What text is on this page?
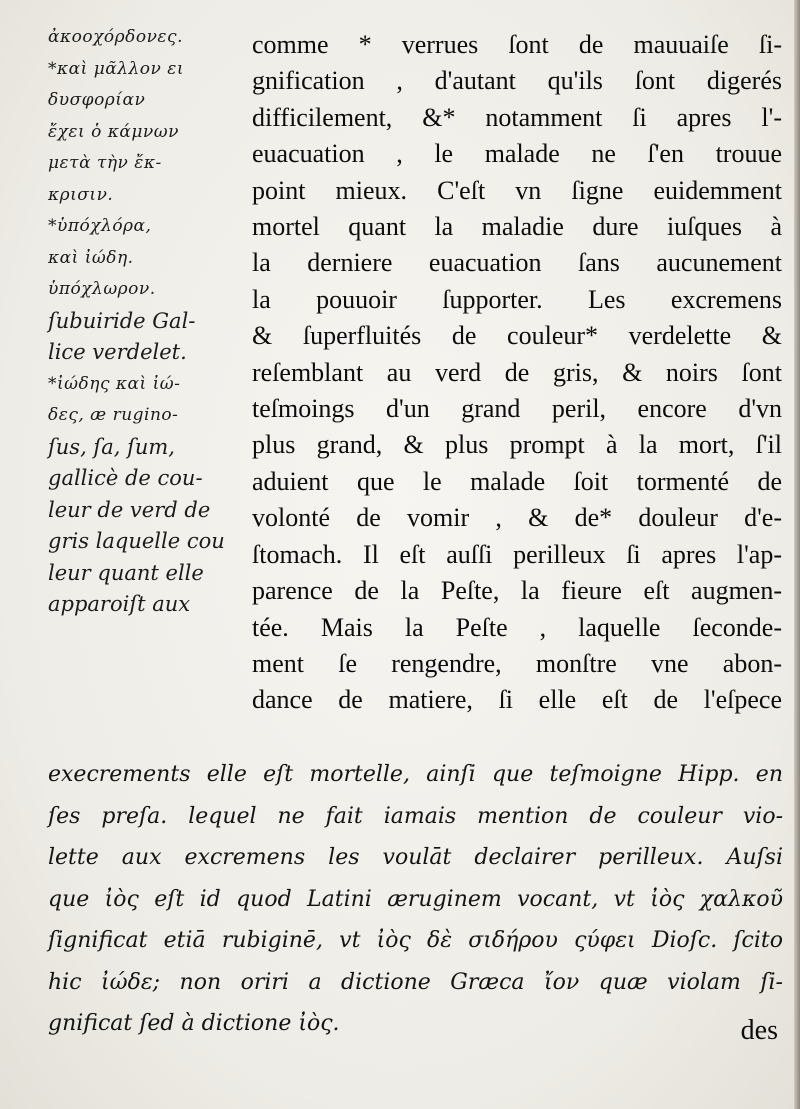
ἀκοοχόρδονες.
*καὶ μᾶλλον ει
δυσφορίαν
ἔχει ὁ κάμνων
μετὰ τὴν ἔκ-
κρισιν.
*ὑπόχλόρα,
καὶ ἰώδη.
ὑπόχλωρον.
ſubuiride Gal-
lice verdelet.
*ἰώδης καὶ ἰώ-
δες, æ rugino-
ſus, ſa, ſum,
gallicè de cou-
leur de verd de
gris laquelle cou
leur quant elle
apparoiſt aux
comme * verrues ſont de mauuaiſe ſi-
gnification , d'autant qu'ils ſont digerés
difficilement, &* notamment ſi apres l'-
euacuation , le malade ne ſ'en trouue
point mieux. C'eſt vn ſigne euidemment
mortel quant la maladie dure iuſques à
la derniere euacuation ſans aucunement
la pouuoir ſupporter. Les excremens
& ſuperfluités de couleur* verdelette &
reſemblant au verd de gris, & noirs ſont
teſmoings d'un grand peril, encore d'vn
plus grand, & plus prompt à la mort, ſ'il
aduient que le malade ſoit tormenté de
volonté de vomir , & de* douleur d'e-
ſtomach. Il eſt auſſi perilleux ſi apres l'ap-
parence de la Peſte, la fieure eſt augmen-
tée. Mais la Peſte , laquelle ſeconde-
ment ſe rengendre, monſtre vne abon-
dance de matiere, ſi elle eſt de l'eſpece
execrements elle eſt mortelle, ainſi que teſmoigne Hipp. en
ſes preſa. lequel ne fait iamais mention de couleur vio-
lette aux excremens les voulāt declairer perilleux. Auſsi
que ἰὸς eſt id quod Latini æruginem vocant, vt ἰὸς χαλκοῦ
ſignificat etiā rubiginē, vt ἰὸς δὲ σιδήρου ςύφει Dioſc. ſcito
hic ἰώδε; non oriri a dictione Græca ἴον quæ violam ſi-
gnificat ſed à dictione ἰὸς.	des
